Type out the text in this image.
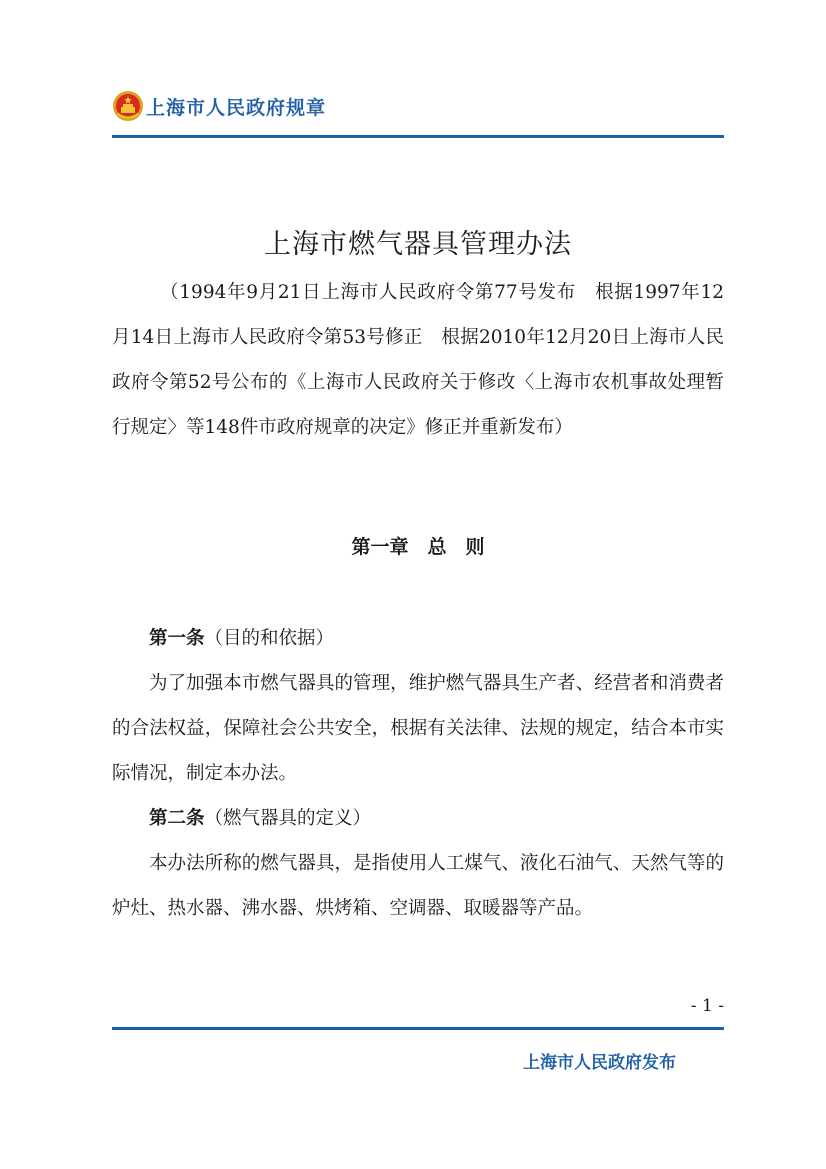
上海市人民政府规章
上海市燃气器具管理办法
（1994年9月21日上海市人民政府令第77号发布　根据1997年12月14日上海市人民政府令第53号修正　根据2010年12月20日上海市人民政府令第52号公布的《上海市人民政府关于修改〈上海市农机事故处理暂行规定〉等148件市政府规章的决定》修正并重新发布）
第一章　总　则

第一条（目的和依据）

为了加强本市燃气器具的管理，维护燃气器具生产者、经营者和消费者的合法权益，保障社会公共安全，根据有关法律、法规的规定，结合本市实际情况，制定本办法。

第二条（燃气器具的定义）

本办法所称的燃气器具，是指使用人工煤气、液化石油气、天然气等的炉灶、热水器、沸水器、烘烤箱、空调器、取暖器等产品。

- 1 -
上海市人民政府发布
